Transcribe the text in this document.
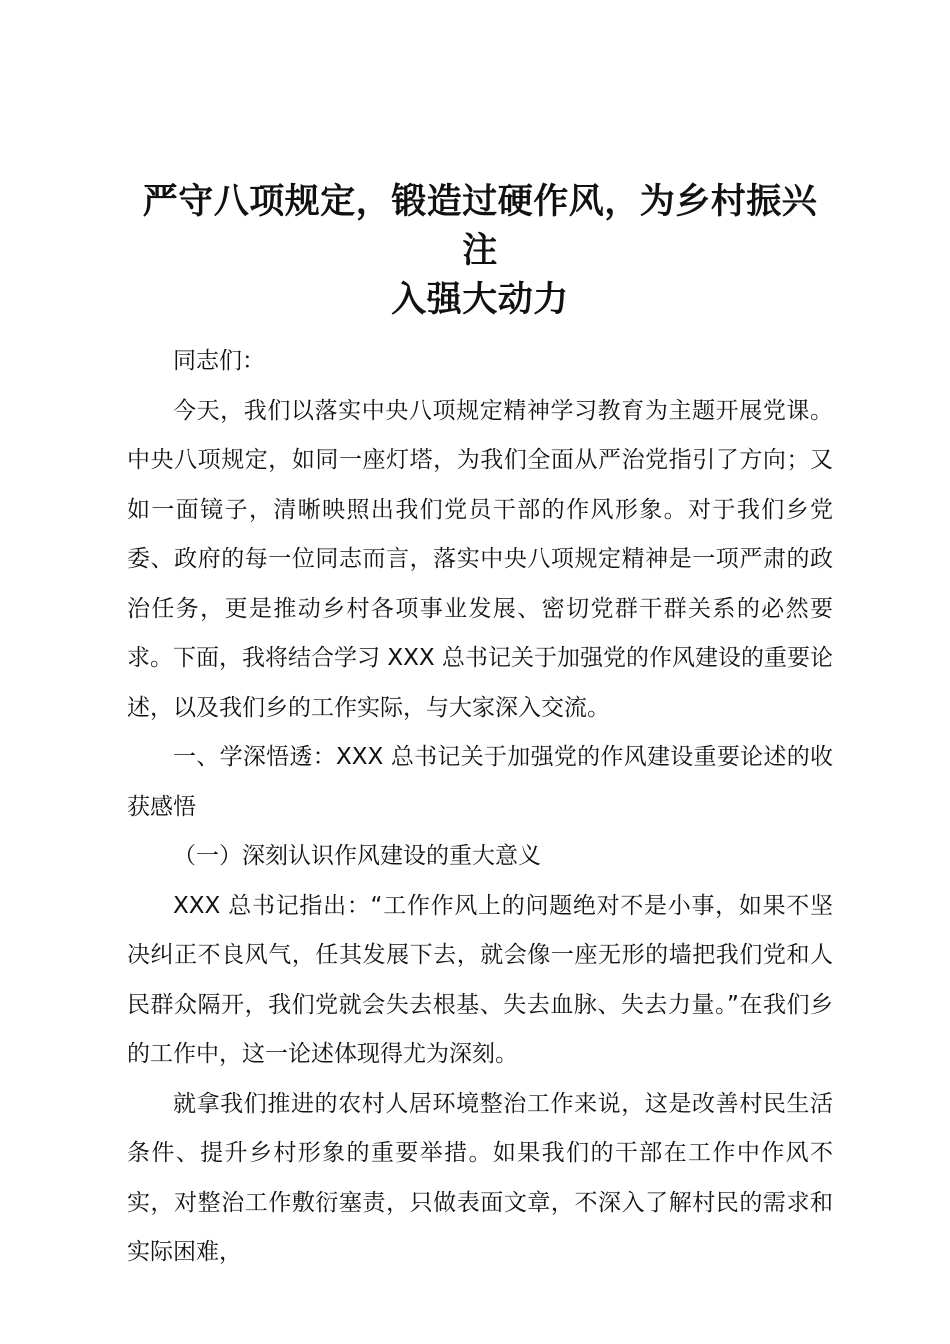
严守八项规定，锻造过硬作风，为乡村振兴注
入强大动力

同志们：

今天，我们以落实中央八项规定精神学习教育为主题开展党课。中央八项规定，如同一座灯塔，为我们全面从严治党指引了方向；又如一面镜子，清晰映照出我们党员干部的作风形象。对于我们乡党委、政府的每一位同志而言，落实中央八项规定精神是一项严肃的政治任务，更是推动乡村各项事业发展、密切党群干群关系的必然要求。下面，我将结合学习 XXX 总书记关于加强党的作风建设的重要论述，以及我们乡的工作实际，与大家深入交流。

一、学深悟透：XXX 总书记关于加强党的作风建设重要论述的收获感悟

（一）深刻认识作风建设的重大意义

XXX 总书记指出：“工作作风上的问题绝对不是小事，如果不坚决纠正不良风气，任其发展下去，就会像一座无形的墙把我们党和人民群众隔开，我们党就会失去根基、失去血脉、失去力量。”在我们乡的工作中，这一论述体现得尤为深刻。

就拿我们推进的农村人居环境整治工作来说，这是改善村民生活条件、提升乡村形象的重要举措。如果我们的干部在工作中作风不实，对整治工作敷衍塞责，只做表面文章，不深入了解村民的需求和实际困难，
